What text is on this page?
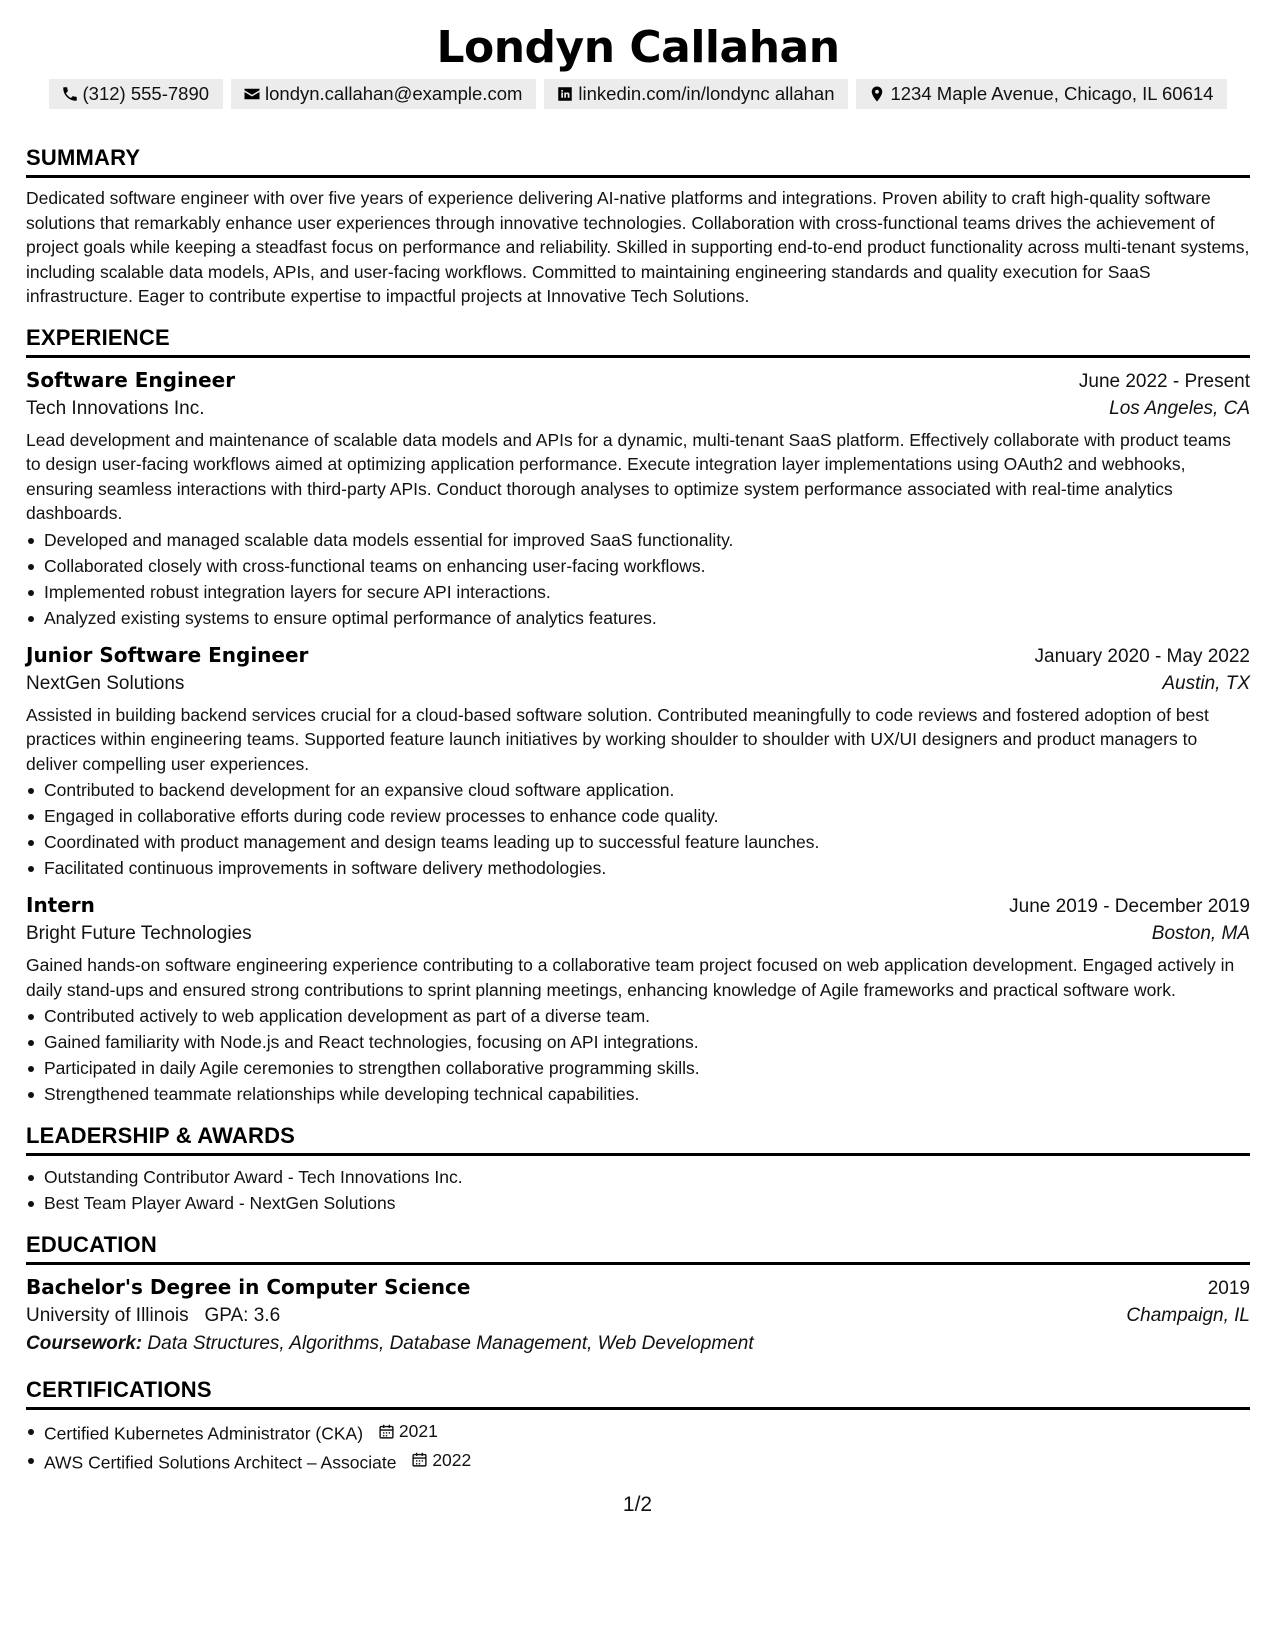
Londyn Callahan
(312) 555-7890	londyn.callahan@example.com	linkedin.com/in/londync allahan	1234 Maple Avenue, Chicago, IL 60614
SUMMARY

Dedicated software engineer with over five years of experience delivering AI-native platforms and integrations. Proven ability to craft high-quality software solutions that remarkably enhance user experiences through innovative technologies. Collaboration with cross-functional teams drives the achievement of project goals while keeping a steadfast focus on performance and reliability. Skilled in supporting end-to-end product functionality across multi-tenant systems, including scalable data models, APIs, and user-facing workflows. Committed to maintaining engineering standards and quality execution for SaaS infrastructure. Eager to contribute expertise to impactful projects at Innovative Tech Solutions.

EXPERIENCE
Software Engineer	June 2022 - Present
Tech Innovations Inc.	Los Angeles, CA

Lead development and maintenance of scalable data models and APIs for a dynamic, multi-tenant SaaS platform. Effectively collaborate with product teams to design user-facing workflows aimed at optimizing application performance. Execute integration layer implementations using OAuth2 and webhooks, ensuring seamless interactions with third-party APIs. Conduct thorough analyses to optimize system performance associated with real-time analytics dashboards.

Developed and managed scalable data models essential for improved SaaS functionality.
Collaborated closely with cross-functional teams on enhancing user-facing workflows.
Implemented robust integration layers for secure API interactions.
Analyzed existing systems to ensure optimal performance of analytics features.
Junior Software Engineer	January 2020 - May 2022
NextGen Solutions	Austin, TX

Assisted in building backend services crucial for a cloud-based software solution. Contributed meaningfully to code reviews and fostered adoption of best practices within engineering teams. Supported feature launch initiatives by working shoulder to shoulder with UX/UI designers and product managers to deliver compelling user experiences.

Contributed to backend development for an expansive cloud software application.
Engaged in collaborative efforts during code review processes to enhance code quality.
Coordinated with product management and design teams leading up to successful feature launches.
Facilitated continuous improvements in software delivery methodologies.
Intern	June 2019 - December 2019
Bright Future Technologies	Boston, MA

Gained hands-on software engineering experience contributing to a collaborative team project focused on web application development. Engaged actively in daily stand-ups and ensured strong contributions to sprint planning meetings, enhancing knowledge of Agile frameworks and practical software work.

Contributed actively to web application development as part of a diverse team.
Gained familiarity with Node.js and React technologies, focusing on API integrations.
Participated in daily Agile ceremonies to strengthen collaborative programming skills.
Strengthened teammate relationships while developing technical capabilities.
LEADERSHIP & AWARDS
Outstanding Contributor Award - Tech Innovations Inc.
Best Team Player Award - NextGen Solutions
EDUCATION
Bachelor's Degree in Computer Science	2019
University of Illinois GPA: 3.6	Champaign, IL
Coursework: Data Structures, Algorithms, Database Management, Web Development
CERTIFICATIONS
Certified Kubernetes Administrator (CKA) 2021
AWS Certified Solutions Architect – Associate 2022
1/2
